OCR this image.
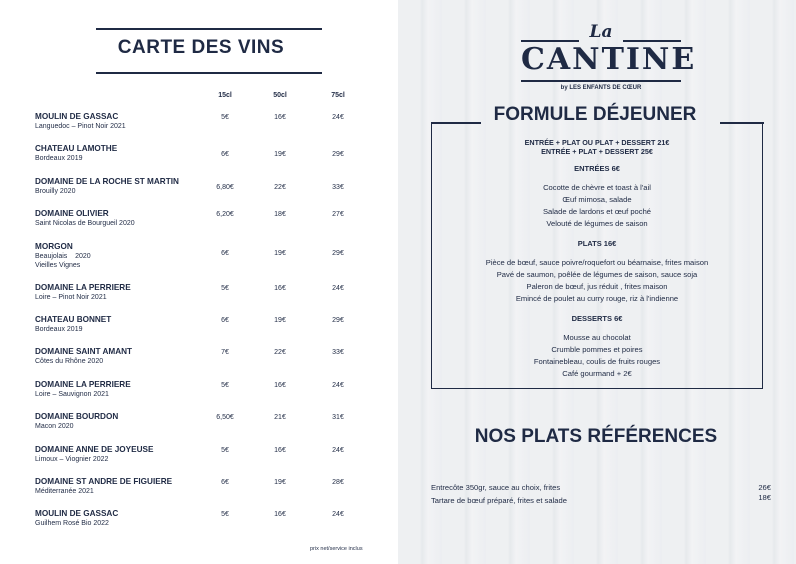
CARTE DES VINS
15cl	50cl	75cl
MOULIN DE GASSAC
Languedoc – Pinot Noir 2021
5€	16€	24€
CHATEAU LAMOTHE
Bordeaux 2019
6€	19€	29€
DOMAINE DE LA ROCHE ST MARTIN
Brouilly 2020
6,80€	22€	33€
DOMAINE OLIVIER
Saint Nicolas de Bourgueil 2020
6,20€	18€	27€
MORGON
Beaujolais    2020
Vieilles Vignes
6€	19€	29€
DOMAINE LA PERRIERE
Loire – Pinot Noir 2021
5€	16€	24€
CHATEAU BONNET
Bordeaux 2019
6€	19€	29€
DOMAINE SAINT AMANT
Côtes du Rhône 2020
7€	22€	33€
DOMAINE LA PERRIERE
Loire – Sauvignon 2021
5€	16€	24€
DOMAINE BOURDON
Macon 2020
6,50€	21€	31€
DOMAINE ANNE DE JOYEUSE
Limoux – Viognier 2022
5€	16€	24€
DOMAINE ST ANDRE DE FIGUIERE
Méditerranée 2021
6€	19€	28€
MOULIN DE GASSAC
Guilhem Rosé Bio 2022
5€	16€	24€
prix net/service inclus
La
CANTINE
by LES ENFANTS DE CŒUR
FORMULE DÉJEUNER
ENTRÉE + PLAT OU PLAT + DESSERT 21€
ENTRÉE + PLAT + DESSERT 25€
ENTRÉES 6€
Cocotte de chèvre et toast à l'ail
Œuf mimosa, salade
Salade de lardons et œuf poché
Velouté de légumes de saison
PLATS 16€
Pièce de bœuf, sauce poivre/roquefort ou béarnaise, frites maison
Pavé de saumon, poêlée de légumes de saison, sauce soja
Paleron de bœuf, jus réduit , frites maison
Emincé de poulet au curry rouge, riz à l'indienne
DESSERTS 6€
Mousse au chocolat
Crumble pommes et poires
Fontainebleau, coulis de fruits rouges
Café gourmand + 2€
NOS PLATS RÉFÉRENCES
Entrecôte 350gr, sauce au choix, frites	26€
Tartare de bœuf préparé, frites et salade	18€
